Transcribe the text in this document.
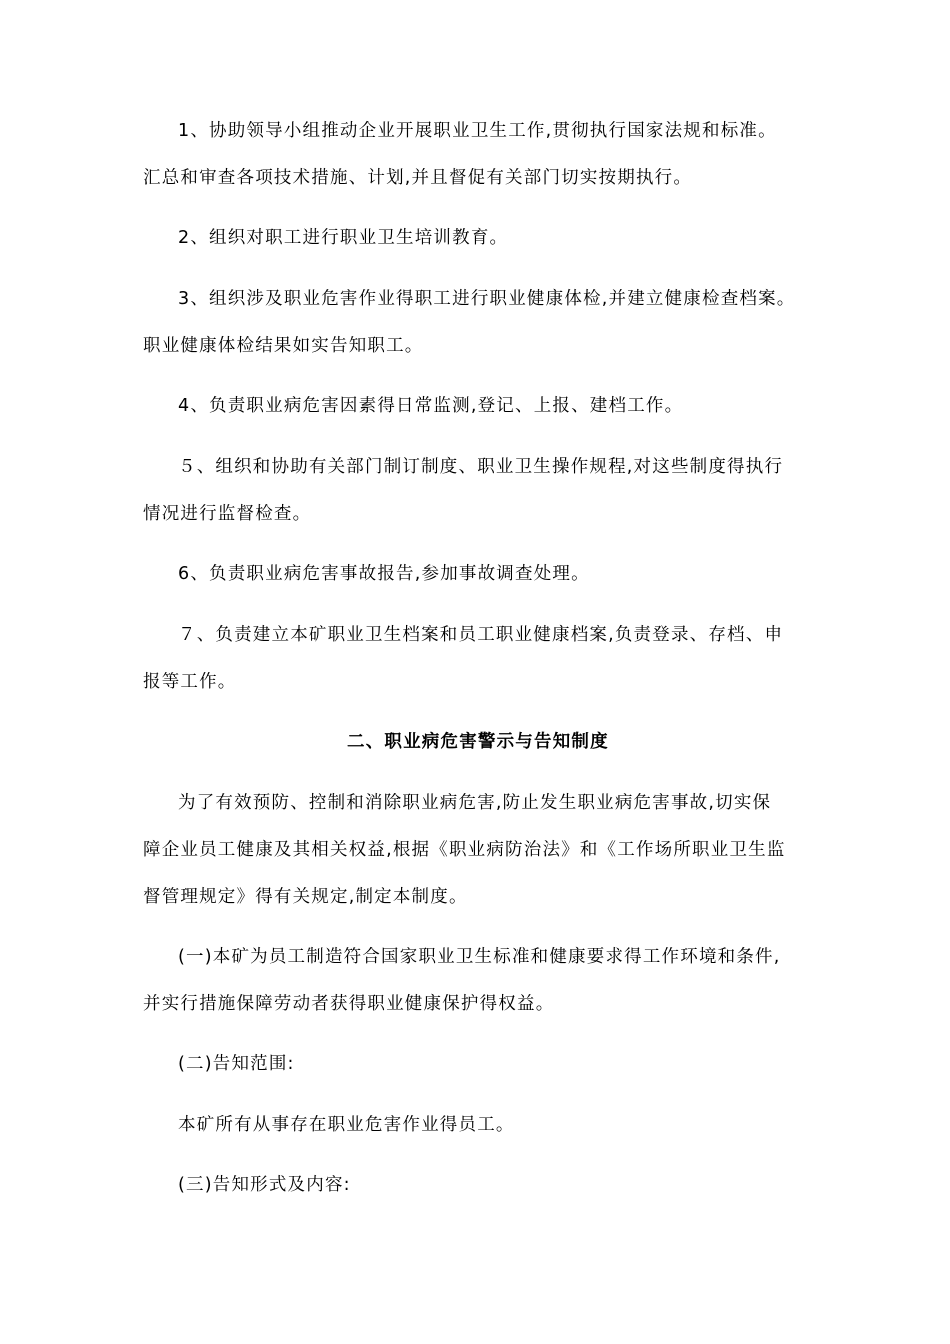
1、协助领导小组推动企业开展职业卫生工作,贯彻执行国家法规和标准。
汇总和审查各项技术措施、计划,并且督促有关部门切实按期执行。
2、组织对职工进行职业卫生培训教育。
3、组织涉及职业危害作业得职工进行职业健康体检,并建立健康检查档案。
职业健康体检结果如实告知职工。
4、负责职业病危害因素得日常监测,登记、上报、建档工作。
５、组织和协助有关部门制订制度、职业卫生操作规程,对这些制度得执行
情况进行监督检查。
6、负责职业病危害事故报告,参加事故调查处理。
７、负责建立本矿职业卫生档案和员工职业健康档案,负责登录、存档、申
报等工作。
二、职业病危害警示与告知制度
为了有效预防、控制和消除职业病危害,防止发生职业病危害事故,切实保
障企业员工健康及其相关权益,根据《职业病防治法》和《工作场所职业卫生监
督管理规定》得有关规定,制定本制度。
(一)本矿为员工制造符合国家职业卫生标准和健康要求得工作环境和条件,
并实行措施保障劳动者获得职业健康保护得权益。
(二)告知范围:
本矿所有从事存在职业危害作业得员工。
(三)告知形式及内容:
